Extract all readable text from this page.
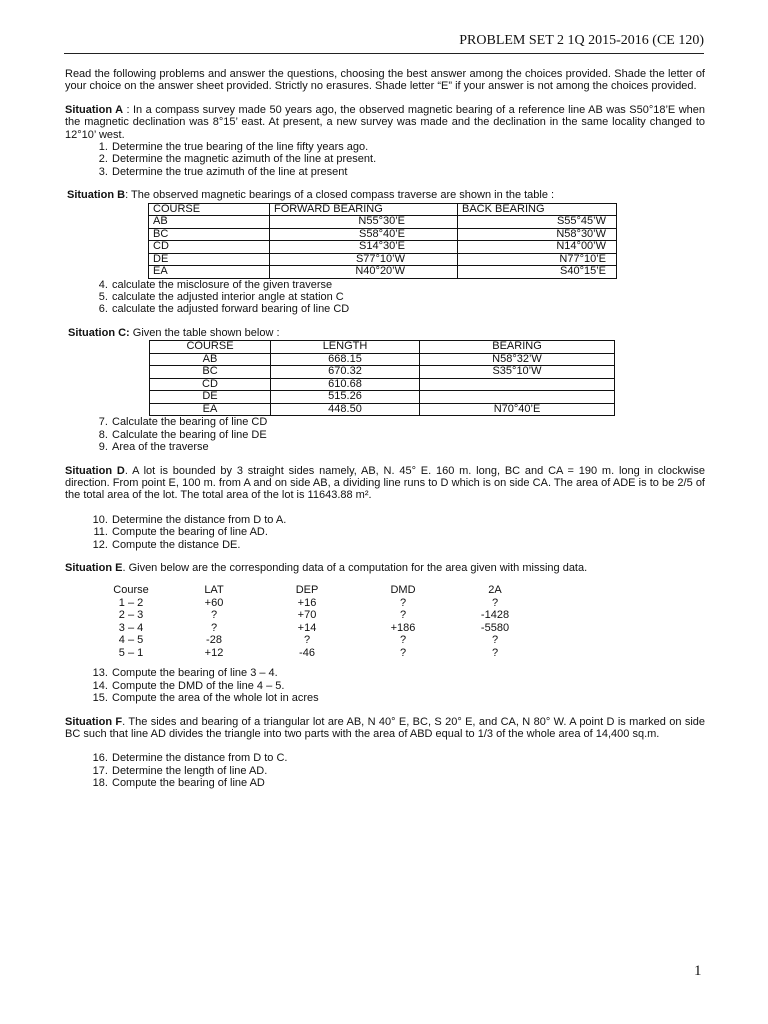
PROBLEM SET 2 1Q 2015-2016 (CE 120)

Read the following problems and answer the questions, choosing the best answer among the choices provided. Shade the letter of your choice on the answer sheet provided. Strictly no erasures. Shade letter “E” if your answer is not among the choices provided.

Situation A : In a compass survey made 50 years ago, the observed magnetic bearing of a reference line AB was S50°18’E when the magnetic declination was 8°15’ east. At present, a new survey was made and the declination in the same locality changed to 12°10’ west.

1. Determine the true bearing of the line fifty years ago.
2. Determine the magnetic azimuth of the line at present.
3. Determine the true azimuth of the line at present

Situation B: The observed magnetic bearings of a closed compass traverse are shown in the table :

COURSE	FORWARD BEARING	BACK BEARING
AB	N55°30’E	S55°45’W
BC	S58°40’E	N58°30’W
CD	S14°30’E	N14°00’W
DE	S77°10’W	N77°10’E
EA	N40°20’W	S40°15’E
4. calculate the misclosure of the given traverse
5. calculate the adjusted interior angle at station C
6. calculate the adjusted forward bearing of line CD

Situation C: Given the table shown below :

COURSE	LENGTH	BEARING
AB	668.15	N58°32’W
BC	670.32	S35°10’W
CD	610.68	
DE	515.26	
EA	448.50	N70°40’E
7. Calculate the bearing of line CD
8. Calculate the bearing of line DE
9. Area of the traverse

Situation D. A lot is bounded by 3 straight sides namely, AB, N. 45° E. 160 m. long, BC and CA = 190 m. long in clockwise direction. From point E, 100 m. from A and on side AB, a dividing line runs to D which is on side CA. The area of ADE is to be 2/5 of the total area of the lot. The total area of the lot is 11643.88 m².

10. Determine the distance from D to A.
11. Compute the bearing of line AD.
12. Compute the distance DE.

Situation E. Given below are the corresponding data of a computation for the area given with missing data.

Course	LAT	DEP	DMD	2A
1 – 2	+60	+16	?	?
2 – 3	?	+70	?	-1428
3 – 4	?	+14	+186	-5580
4 – 5	-28	?	?	?
5 – 1	+12	-46	?	?
13. Compute the bearing of line 3 – 4.
14. Compute the DMD of the line 4 – 5.
15. Compute the area of the whole lot in acres

Situation F. The sides and bearing of a triangular lot are AB, N 40° E, BC, S 20° E, and CA, N 80° W. A point D is marked on side BC such that line AD divides the triangle into two parts with the area of ABD equal to 1/3 of the whole area of 14,400 sq.m.

16. Determine the distance from D to C.
17. Determine the length of line AD.
18. Compute the bearing of line AD
1
